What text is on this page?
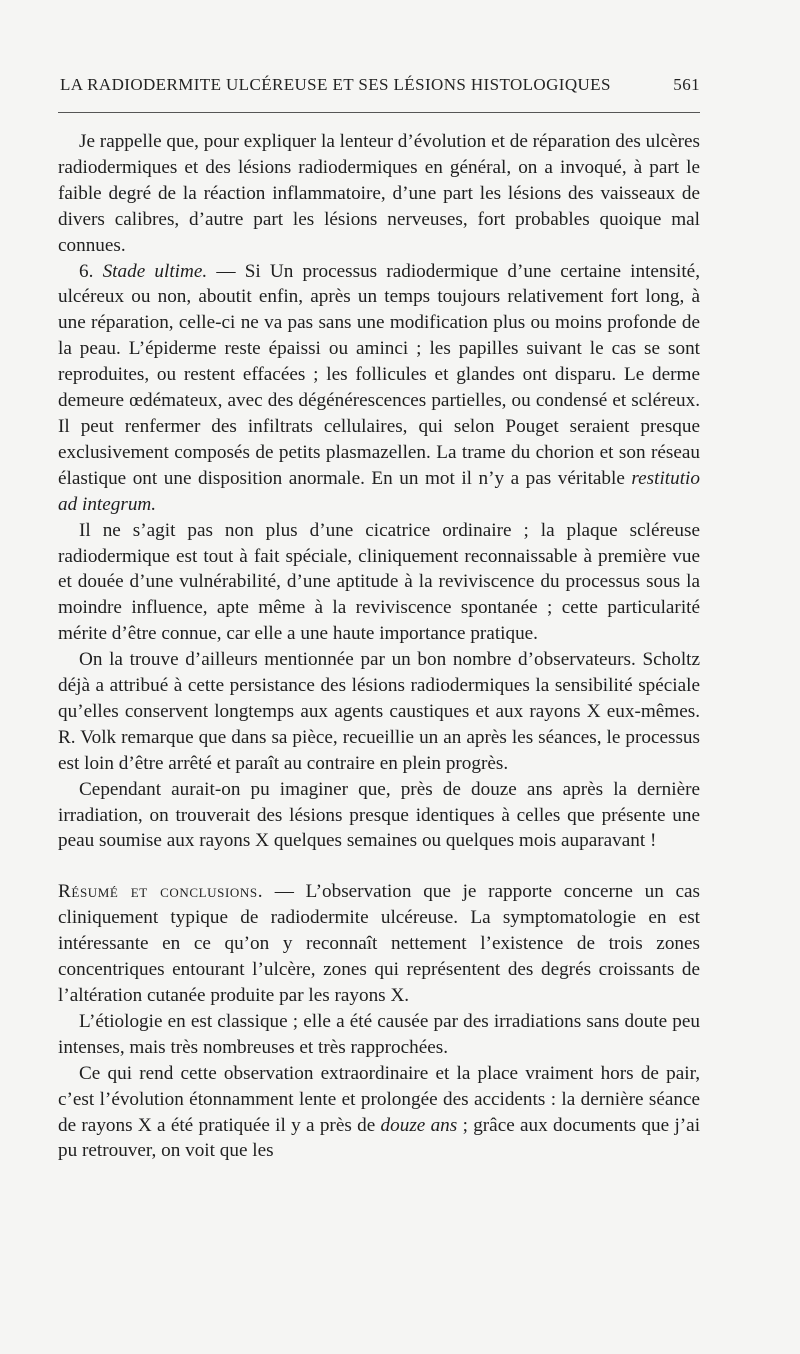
LA RADIODERMITE ULCÉREUSE ET SES LÉSIONS HISTOLOGIQUES	561

Je rappelle que, pour expliquer la lenteur d’évolution et de réparation des ulcères radiodermiques et des lésions radiodermiques en général, on a invoqué, à part le faible degré de la réaction inflammatoire, d’une part les lésions des vaisseaux de divers calibres, d’autre part les lésions nerveuses, fort probables quoique mal connues.

6. Stade ultime. — Si Un processus radiodermique d’une certaine intensité, ulcéreux ou non, aboutit enfin, après un temps toujours relativement fort long, à une réparation, celle-ci ne va pas sans une modification plus ou moins profonde de la peau. L’épiderme reste épaissi ou aminci ; les papilles suivant le cas se sont reproduites, ou restent effacées ; les follicules et glandes ont disparu. Le derme demeure œdémateux, avec des dégénérescences partielles, ou condensé et scléreux. Il peut renfermer des infiltrats cellulaires, qui selon Pouget seraient presque exclusivement composés de petits plasmazellen. La trame du chorion et son réseau élastique ont une disposition anormale. En un mot il n’y a pas véritable restitutio ad integrum.

Il ne s’agit pas non plus d’une cicatrice ordinaire ; la plaque scléreuse radiodermique est tout à fait spéciale, cliniquement reconnaissable à première vue et douée d’une vulnérabilité, d’une aptitude à la reviviscence du processus sous la moindre influence, apte même à la reviviscence spontanée ; cette particularité mérite d’être connue, car elle a une haute importance pratique.

On la trouve d’ailleurs mentionnée par un bon nombre d’observateurs. Scholtz déjà a attribué à cette persistance des lésions radiodermiques la sensibilité spéciale qu’elles conservent longtemps aux agents caustiques et aux rayons X eux-mêmes. R. Volk remarque que dans sa pièce, recueillie un an après les séances, le processus est loin d’être arrêté et paraît au contraire en plein progrès.

Cependant aurait-on pu imaginer que, près de douze ans après la dernière irradiation, on trouverait des lésions presque identiques à celles que présente une peau soumise aux rayons X quelques semaines ou quelques mois auparavant !

Résumé et conclusions. — L’observation que je rapporte concerne un cas cliniquement typique de radiodermite ulcéreuse. La symptomatologie en est intéressante en ce qu’on y reconnaît nettement l’existence de trois zones concentriques entourant l’ulcère, zones qui représentent des degrés croissants de l’altération cutanée produite par les rayons X.

L’étiologie en est classique ; elle a été causée par des irradiations sans doute peu intenses, mais très nombreuses et très rapprochées.

Ce qui rend cette observation extraordinaire et la place vraiment hors de pair, c’est l’évolution étonnamment lente et prolongée des accidents : la dernière séance de rayons X a été pratiquée il y a près de douze ans ; grâce aux documents que j’ai pu retrouver, on voit que les
